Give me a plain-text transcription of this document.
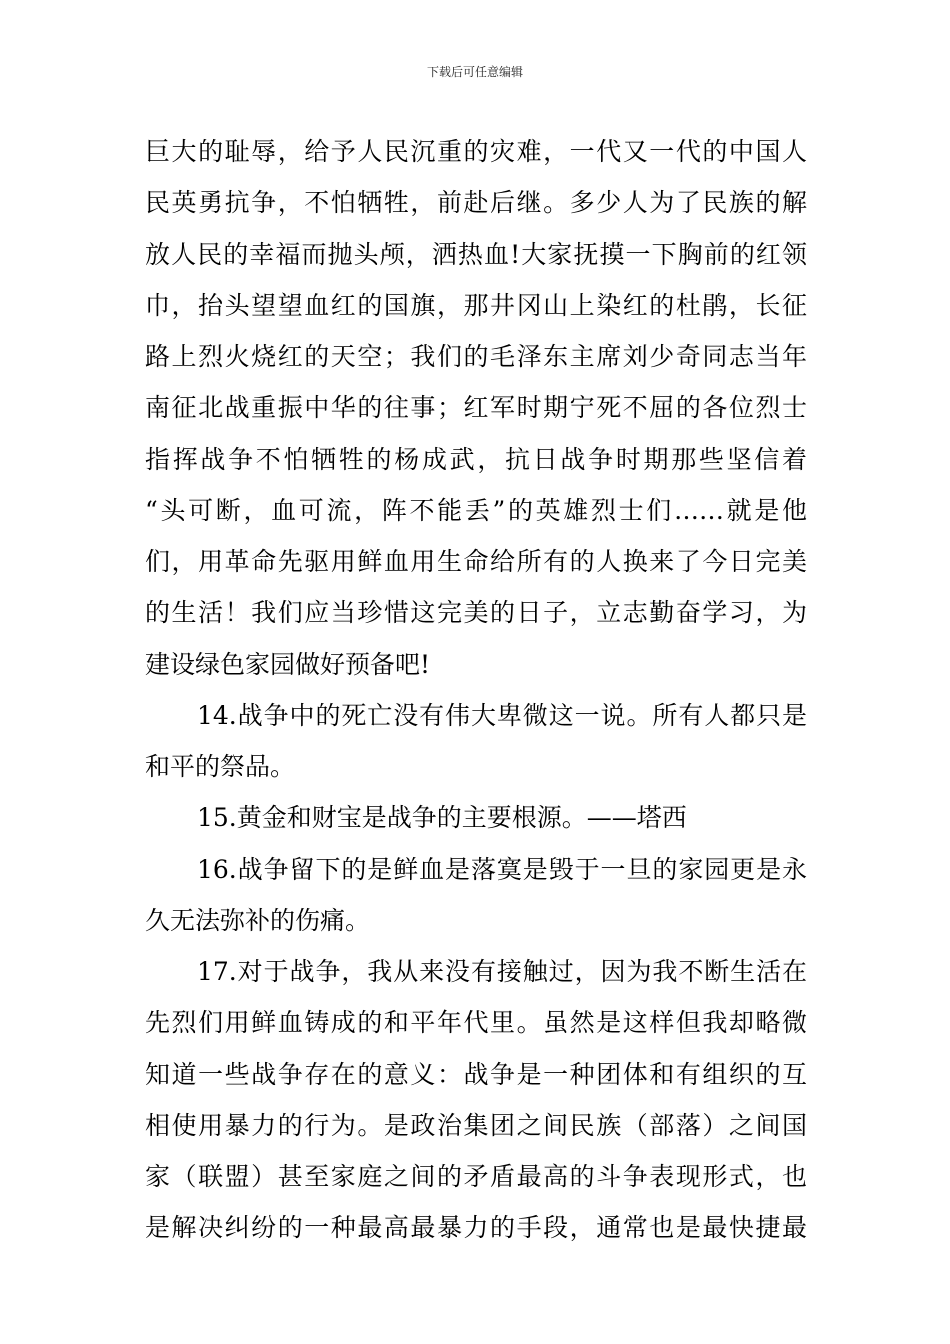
下载后可任意编辑
巨大的耻辱，给予人民沉重的灾难，一代又一代的中国人
民英勇抗争，不怕牺牲，前赴后继。多少人为了民族的解
放人民的幸福而抛头颅，洒热血!大家抚摸一下胸前的红领
巾，抬头望望血红的国旗，那井冈山上染红的杜鹃，长征
路上烈火烧红的天空；我们的毛泽东主席刘少奇同志当年
南征北战重振中华的往事；红军时期宁死不屈的各位烈士
指挥战争不怕牺牲的杨成武，抗日战争时期那些坚信着
“头可断，血可流，阵不能丢”的英雄烈士们……就是他
们，用革命先驱用鲜血用生命给所有的人换来了今日完美
的生活！我们应当珍惜这完美的日子，立志勤奋学习，为
建设绿色家园做好预备吧!
14.战争中的死亡没有伟大卑微这一说。所有人都只是
和平的祭品。
15.黄金和财宝是战争的主要根源。——塔西
16.战争留下的是鲜血是落寞是毁于一旦的家园更是永
久无法弥补的伤痛。
17.对于战争，我从来没有接触过，因为我不断生活在
先烈们用鲜血铸成的和平年代里。虽然是这样但我却略微
知道一些战争存在的意义：战争是一种团体和有组织的互
相使用暴力的行为。是政治集团之间民族（部落）之间国
家（联盟）甚至家庭之间的矛盾最高的斗争表现形式，也
是解决纠纷的一种最高最暴力的手段，通常也是最快捷最
